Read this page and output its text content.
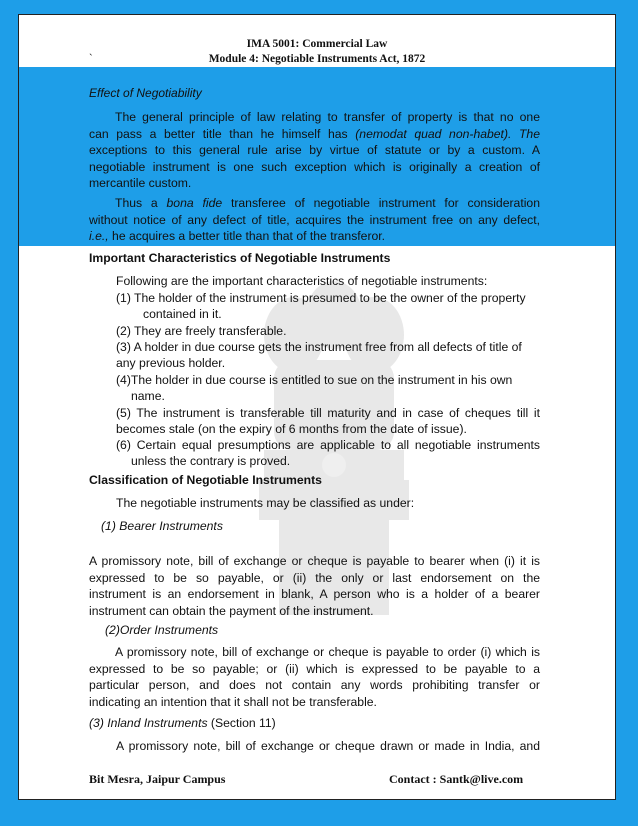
IMA 5001: Commercial Law
Module 4: Negotiable Instruments Act, 1872
`
Effect of Negotiability
The general principle of law relating to transfer of property is that no one
can pass a better title than he himself has (nemodat quad non-habet). The
exceptions to this general rule arise by virtue of statute or by a custom. A
negotiable instrument is one such exception which is originally a creation of
mercantile custom.
Thus a bona fide transferee of negotiable instrument for consideration
without notice of any defect of title, acquires the instrument free on any defect,
i.e., he acquires a better title than that of the transferor.
Important Characteristics of Negotiable Instruments
Following are the important characteristics of negotiable instruments:
(1) The holder of the instrument is presumed to be the owner of the property
contained in it.
(2) They are freely transferable.
(3) A holder in due course gets the instrument free from all defects of title of
any previous holder.
(4)The holder in due course is entitled to sue on the instrument in his own
name.
(5) The instrument is transferable till maturity and in case of cheques till it
becomes stale (on the expiry of 6 months from the date of issue).
(6) Certain equal presumptions are applicable to all negotiable instruments
unless the contrary is proved.
Classification of Negotiable Instruments
The negotiable instruments may be classified as under:
(1) Bearer Instruments
A promissory note, bill of exchange or cheque is payable to bearer when (i) it is
expressed to be so payable, or (ii) the only or last endorsement on the
instrument is an endorsement in blank, A person who is a holder of a bearer
instrument can obtain the payment of the instrument.
(2)Order Instruments
A promissory note, bill of exchange or cheque is payable to order (i) which is
expressed to be so payable; or (ii) which is expressed to be payable to a
particular person, and does not contain any words prohibiting transfer or
indicating an intention that it shall not be transferable.
(3) Inland Instruments (Section 11)
A promissory note, bill of exchange or cheque drawn or made in India, and
Bit Mesra, Jaipur Campus	Contact : Santk@live.com
